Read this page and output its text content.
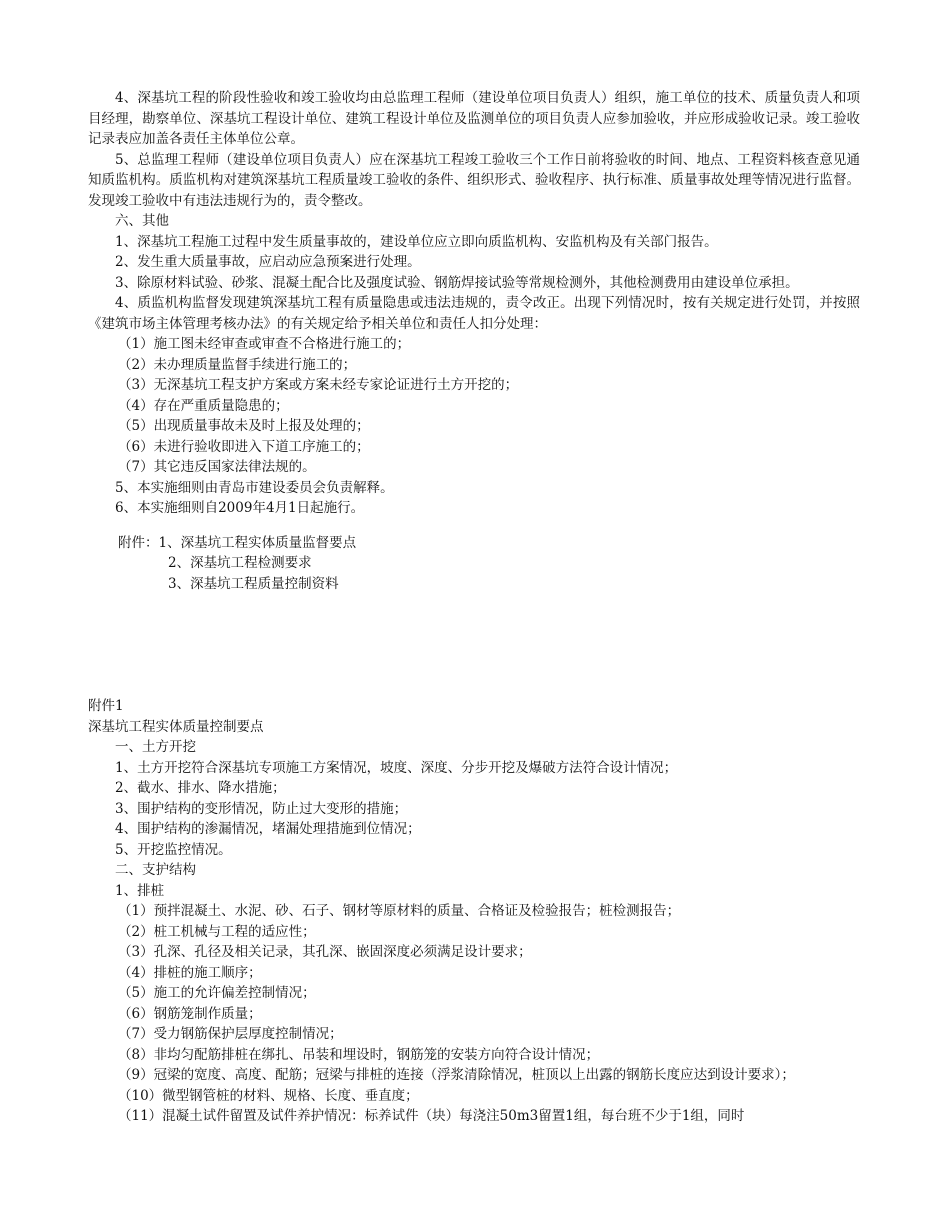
4、深基坑工程的阶段性验收和竣工验收均由总监理工程师（建设单位项目负责人）组织，施工单位的技术、质量负责人和项目经理，勘察单位、深基坑工程设计单位、建筑工程设计单位及监测单位的项目负责人应参加验收，并应形成验收记录。竣工验收记录表应加盖各责任主体单位公章。

5、总监理工程师（建设单位项目负责人）应在深基坑工程竣工验收三个工作日前将验收的时间、地点、工程资料核查意见通知质监机构。质监机构对建筑深基坑工程质量竣工验收的条件、组织形式、验收程序、执行标准、质量事故处理等情况进行监督。发现竣工验收中有违法违规行为的，责令整改。

六、其他

1、深基坑工程施工过程中发生质量事故的，建设单位应立即向质监机构、安监机构及有关部门报告。

2、发生重大质量事故，应启动应急预案进行处理。

3、除原材料试验、砂浆、混凝土配合比及强度试验、钢筋焊接试验等常规检测外，其他检测费用由建设单位承担。

4、质监机构监督发现建筑深基坑工程有质量隐患或违法违规的，责令改正。出现下列情况时，按有关规定进行处罚，并按照《建筑市场主体管理考核办法》的有关规定给予相关单位和责任人扣分处理：

（1）施工图未经审查或审查不合格进行施工的；

（2）未办理质量监督手续进行施工的；

（3）无深基坑工程支护方案或方案未经专家论证进行土方开挖的；

（4）存在严重质量隐患的；

（5）出现质量事故未及时上报及处理的；

（6）未进行验收即进入下道工序施工的；

（7）其它违反国家法律法规的。

5、本实施细则由青岛市建设委员会负责解释。

6、本实施细则自2009年4月1日起施行。

附件：1、深基坑工程实体质量监督要点

2、深基坑工程检测要求

3、深基坑工程质量控制资料

附件1

深基坑工程实体质量控制要点

一、土方开挖

1、土方开挖符合深基坑专项施工方案情况，坡度、深度、分步开挖及爆破方法符合设计情况；

2、截水、排水、降水措施；

3、围护结构的变形情况，防止过大变形的措施；

4、围护结构的渗漏情况，堵漏处理措施到位情况；

5、开挖监控情况。

二、支护结构

1、排桩

（1）预拌混凝土、水泥、砂、石子、钢材等原材料的质量、合格证及检验报告；桩检测报告；

（2）桩工机械与工程的适应性；

（3）孔深、孔径及相关记录，其孔深、嵌固深度必须满足设计要求；

（4）排桩的施工顺序；

（5）施工的允许偏差控制情况；

（6）钢筋笼制作质量；

（7）受力钢筋保护层厚度控制情况；

（8）非均匀配筋排桩在绑扎、吊装和埋设时，钢筋笼的安装方向符合设计情况；

（9）冠梁的宽度、高度、配筋；冠梁与排桩的连接（浮浆清除情况，桩顶以上出露的钢筋长度应达到设计要求）；

（10）微型钢管桩的材料、规格、长度、垂直度；

（11）混凝土试件留置及试件养护情况：标养试件（块）每浇注50m3留置1组，每台班不少于1组，同时
